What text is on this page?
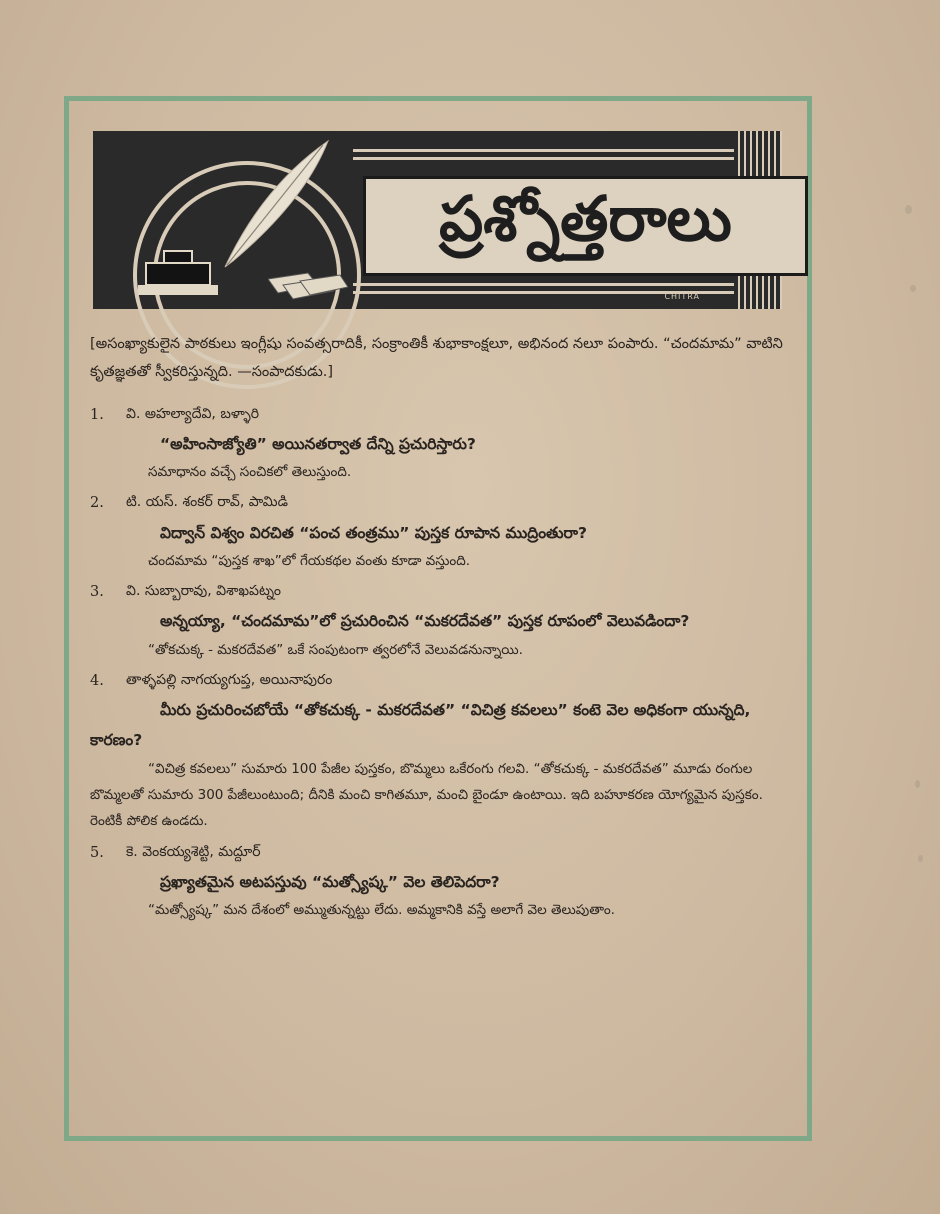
ప్రశ్నోత్తరాలు
CHITRA

[అసంఖ్యాకులైన పాఠకులు ఇంగ్లీషు సంవత్సరాదికీ, సంక్రాంతికీ శుభాకాంక్షలూ, అభినంద నలూ పంపారు. “చందమామ” వాటిని కృతజ్ఞతతో స్వీకరిస్తున్నది. —సంపాదకుడు.]

1. వి. అహల్యాదేవి, బళ్ళారి
“అహింసాజ్యోతి” అయినతర్వాత దేన్ని ప్రచురిస్తారు?
సమాధానం వచ్చే సంచికలో తెలుస్తుంది.
2. టి. యస్. శంకర్ రావ్, పామిడి
విద్వాన్ విశ్వం విరచిత “పంచ తంత్రము” పుస్తక రూపాన ముద్రింతురా?
చందమామ “పుస్తక శాఖ”లో గేయకథల వంతు కూడా వస్తుంది.
3. వి. సుబ్బారావు, విశాఖపట్నం
అన్నయ్యా, “చందమామ”లో ప్రచురించిన “మకరదేవత” పుస్తక రూపంలో వెలువడిందా?
“తోకచుక్క - మకరదేవత” ఒకే సంపుటంగా త్వరలోనే వెలువడనున్నాయి.
4. తాళ్ళపల్లి నాగయ్యగుప్త, అయినాపురం
మీరు ప్రచురించబోయే “తోకచుక్క - మకరదేవత” “విచిత్ర కవలలు” కంటె వెల అధికంగా యున్నది, కారణం?
“విచిత్ర కవలలు” సుమారు 100 పేజీల పుస్తకం, బొమ్మలు ఒకేరంగు గలవి. “తోకచుక్క - మకరదేవత” మూడు రంగుల బొమ్మలతో సుమారు 300 పేజీలుంటుంది; దీనికి మంచి కాగితమూ, మంచి బైండూ ఉంటాయి. ఇది బహూకరణ యోగ్యమైన పుస్తకం. రెంటికీ పోలిక ఉండదు.
5. కె. వెంకయ్యశెట్టి, మద్దూర్
ప్రఖ్యాతమైన అటపస్తువు “మత్స్యోష్క” వెల తెలిపెదరా?
“మత్స్యోష్క” మన దేశంలో అమ్ముతున్నట్టు లేదు. అమ్మకానికి వస్తే అలాగే వెల తెలుపుతాం.
